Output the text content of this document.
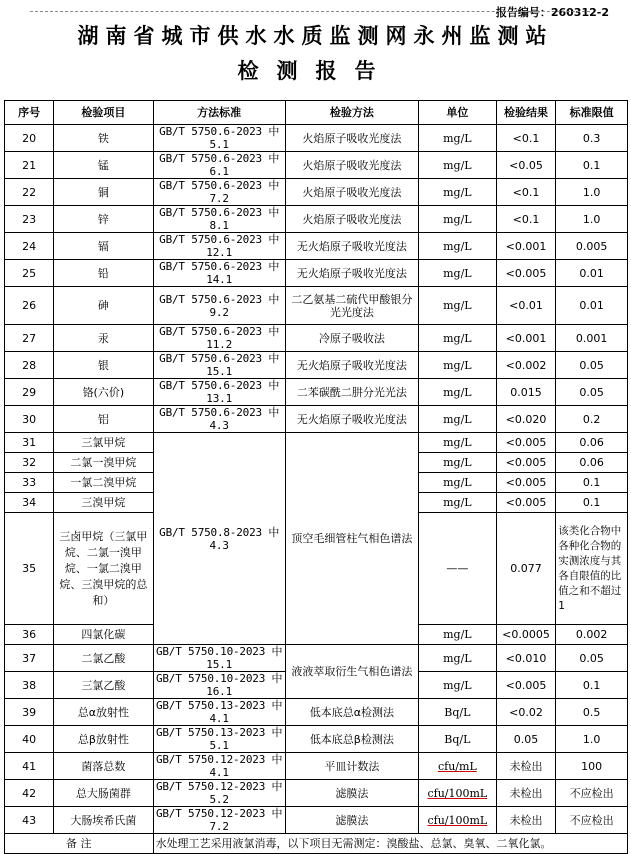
报告编号：260312-2
湖南省城市供水水质监测网永州监测站
检测报告
序号	检验项目	方法标准	检验方法	单位	检验结果	标准限值
20	铁	GB/T 5750.6-2023 中 5.1	火焰原子吸收光度法	mg/L	<0.1	0.3
21	锰	GB/T 5750.6-2023 中 6.1	火焰原子吸收光度法	mg/L	<0.05	0.1
22	铜	GB/T 5750.6-2023 中 7.2	火焰原子吸收光度法	mg/L	<0.1	1.0
23	锌	GB/T 5750.6-2023 中 8.1	火焰原子吸收光度法	mg/L	<0.1	1.0
24	镉	GB/T 5750.6-2023 中 12.1	无火焰原子吸收光度法	mg/L	<0.001	0.005
25	铅	GB/T 5750.6-2023 中 14.1	无火焰原子吸收光度法	mg/L	<0.005	0.01
26	砷	GB/T 5750.6-2023 中 9.2	二乙氨基二硫代甲酸银分光光度法	mg/L	<0.01	0.01
27	汞	GB/T 5750.6-2023 中 11.2	冷原子吸收法	mg/L	<0.001	0.001
28	银	GB/T 5750.6-2023 中 15.1	无火焰原子吸收光度法	mg/L	<0.002	0.05
29	铬(六价)	GB/T 5750.6-2023 中 13.1	二苯碳酰二肼分光光法	mg/L	0.015	0.05
30	铝	GB/T 5750.6-2023 中 4.3	无火焰原子吸收光度法	mg/L	<0.020	0.2
31	三氯甲烷	GB/T 5750.8-2023 中 4.3	顶空毛细管柱气相色谱法	mg/L	<0.005	0.06
32	二氯一溴甲烷			mg/L	<0.005	0.06
33	一氯二溴甲烷			mg/L	<0.005	0.1
34	三溴甲烷			mg/L	<0.005	0.1
35	三卤甲烷（三氯甲烷、二氯一溴甲烷、一氯二溴甲烷、三溴甲烷的总和）			——	0.077	该类化合物中各种化合物的实测浓度与其各自限值的比值之和不超过1
36	四氯化碳			mg/L	<0.0005	0.002
37	二氯乙酸	GB/T 5750.10-2023 中 15.1	液液萃取衍生气相色谱法	mg/L	<0.010	0.05
38	三氯乙酸	GB/T 5750.10-2023 中 16.1		mg/L	<0.005	0.1
39	总α放射性	GB/T 5750.13-2023 中 4.1	低本底总α检测法	Bq/L	<0.02	0.5
40	总β放射性	GB/T 5750.13-2023 中 5.1	低本底总β检测法	Bq/L	0.05	1.0
41	菌落总数	GB/T 5750.12-2023 中 4.1	平皿计数法	cfu/mL	未检出	100
42	总大肠菌群	GB/T 5750.12-2023 中 5.2	滤膜法	cfu/100mL	未检出	不应检出
43	大肠埃希氏菌	GB/T 5750.12-2023 中 7.2	滤膜法	cfu/100mL	未检出	不应检出
备 注		水处理工艺采用液氯消毒，以下项目无需测定：溴酸盐、总氯、臭氧、二氧化氯。				
